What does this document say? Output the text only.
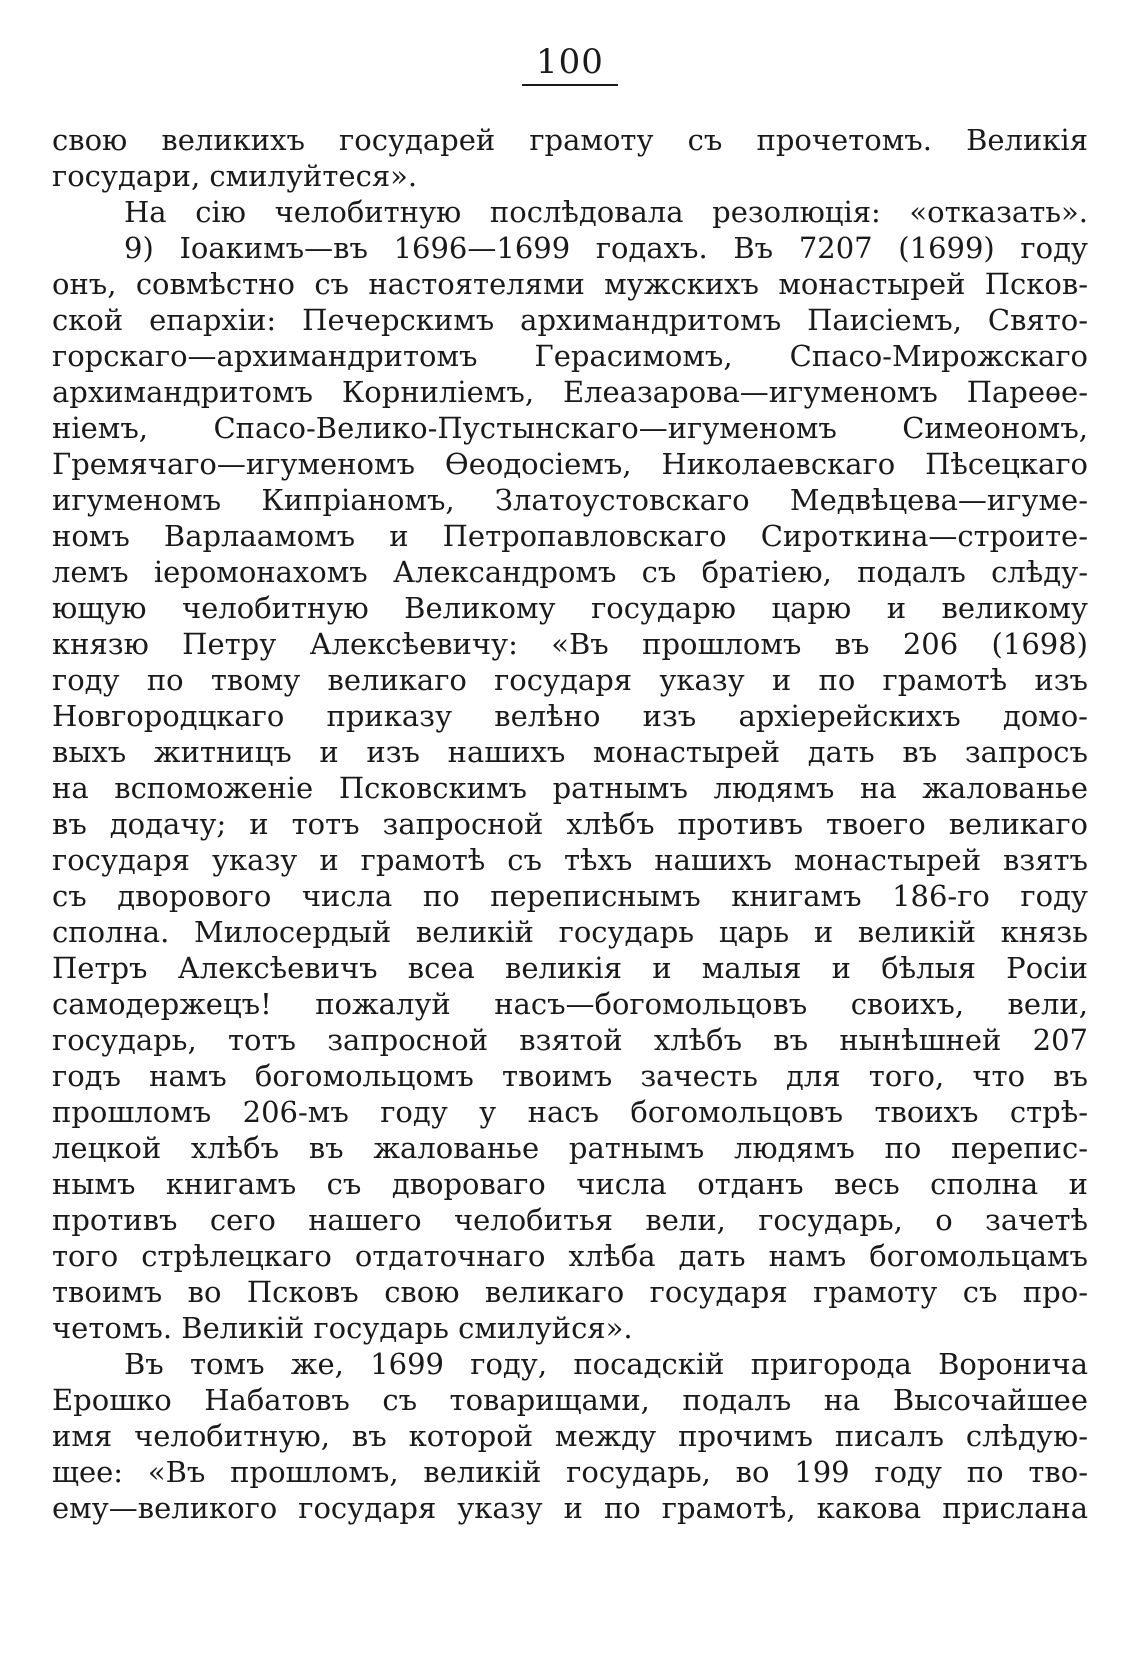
100
свою великихъ государей грамоту съ прочетомъ. Великія
государи, смилуйтеся».
На сію челобитную послѣдовала резолюція: «отказать».
9) Іоакимъ—въ 1696—1699 годахъ. Въ 7207 (1699) году
онъ, совмѣстно съ настоятелями мужскихъ монастырей Псков-
ской епархіи: Печерскимъ архимандритомъ Паисіемъ, Свято-
горскаго—архимандритомъ Герасимомъ, Спасо-Мирожскаго
архимандритомъ Корниліемъ, Елеазарова—игуменомъ Пареѳе-
ніемъ, Спасо-Велико-Пустынскаго—игуменомъ Симеономъ,
Гремячаго—игуменомъ Ѳеодосіемъ, Николаевскаго Пѣсецкаго
игуменомъ Кипріаномъ, Златоустовскаго Медвѣцева—игуме-
номъ Варлаамомъ и Петропавловскаго Сироткина—строите-
лемъ іеромонахомъ Александромъ съ братіею, подалъ слѣду-
ющую челобитную Великому государю царю и великому
князю Петру Алексѣевичу: «Въ прошломъ въ 206 (1698)
году по твому великаго государя указу и по грамотѣ изъ
Новгородцкаго приказу велѣно изъ архіерейскихъ домо-
выхъ житницъ и изъ нашихъ монастырей дать въ запросъ
на вспоможеніе Псковскимъ ратнымъ людямъ на жалованье
въ додачу; и тотъ запросной хлѣбъ противъ твоего великаго
государя указу и грамотѣ съ тѣхъ нашихъ монастырей взятъ
съ дворового числа по переписнымъ книгамъ 186-го году
сполна. Милосердый великій государь царь и великій князь
Петръ Алексѣевичъ всеа великія и малыя и бѣлыя Росіи
самодержецъ! пожалуй насъ—богомольцовъ своихъ, вели,
государь, тотъ запросной взятой хлѣбъ въ нынѣшней 207
годъ намъ богомольцомъ твоимъ зачесть для того, что въ
прошломъ 206-мъ году у насъ богомольцовъ твоихъ стрѣ-
лецкой хлѣбъ въ жалованье ратнымъ людямъ по перепис-
нымъ книгамъ съ двороваго числа отданъ весь сполна и
противъ сего нашего челобитья вели, государь, о зачетѣ
того стрѣлецкаго отдаточнаго хлѣба дать намъ богомольцамъ
твоимъ во Псковъ свою великаго государя грамоту съ про-
четомъ. Великій государь смилуйся».
Въ томъ же, 1699 году, посадскій пригорода Воронича
Ерошко Набатовъ съ товарищами, подалъ на Высочайшее
имя челобитную, въ которой между прочимъ писалъ слѣдую-
щее: «Въ прошломъ, великій государь, во 199 году по тво-
ему—великого государя указу и по грамотѣ, какова прислана
